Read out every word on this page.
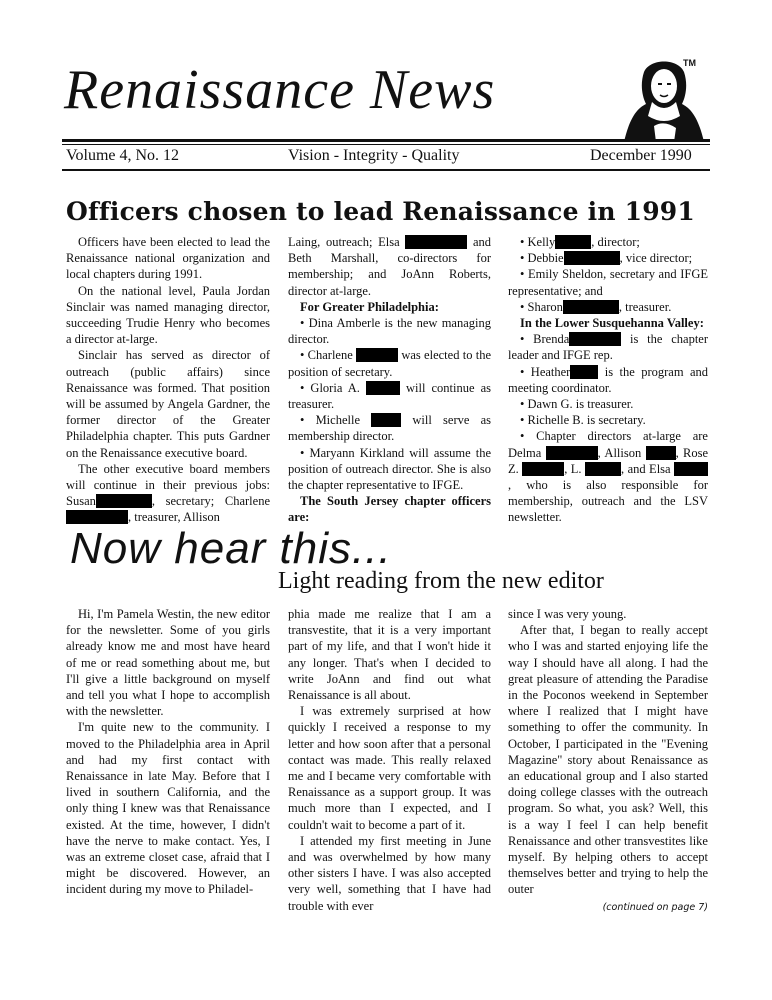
Renaissance News	TM
Volume 4, No. 12	Vision - Integrity - Quality	December 1990
Officers chosen to lead Renaissance in 1991

Officers have been elected to lead the Renaissance national organization and local chapters during 1991.

On the national level, Paula Jordan Sinclair was named managing director, succeeding Trudie Henry who becomes a director at-large.

Sinclair has served as director of outreach (public affairs) since Renaissance was formed. That position will be assumed by Angela Gardner, the former director of the Greater Philadelphia chapter. This puts Gardner on the Renaissance executive board.

The other executive board members will continue in their previous jobs: Susan	, secretary; Charlene , treasurer, Allison

Laing, outreach; Elsa	and Beth Marshall, co-directors for membership; and JoAnn Roberts, director at-large.

For Greater Philadelphia:

• Dina Amberle is the new managing director.

• Charlene	was elected to the position of secretary.

• Gloria A.	will continue as treasurer.

• Michelle	will serve as membership director.

• Maryann Kirkland will assume the position of outreach director. She is also the chapter representative to IFGE.

The South Jersey chapter officers are:

• Kelly	, director;

• Debbie	, vice director;

• Emily Sheldon, secretary and IFGE representative; and

• Sharon	, treasurer.

In the Lower Susquehanna Valley:

• Brenda	is the chapter leader and IFGE rep.

• Heather	is the program and meeting coordinator.

• Dawn G. is treasurer.

• Richelle B. is secretary.

• Chapter directors at-large are Delma	, Allison	, Rose Z.	, L.	, and Elsa , who is also responsible for membership, outreach and the LSV newsletter.

Now hear this...
Light reading from the new editor

Hi, I'm Pamela Westin, the new editor for the newsletter. Some of you girls already know me and most have heard of me or read something about me, but I'll give a little background on myself and tell you what I hope to accomplish with the newsletter.

I'm quite new to the community. I moved to the Philadelphia area in April and had my first contact with Renaissance in late May. Before that I lived in southern California, and the only thing I knew was that Renaissance existed. At the time, however, I didn't have the nerve to make contact. Yes, I was an extreme closet case, afraid that I might be discovered. However, an incident during my move to Philadel-

phia made me realize that I am a transvestite, that it is a very important part of my life, and that I won't hide it any longer. That's when I decided to write JoAnn and find out what Renaissance is all about.

I was extremely surprised at how quickly I received a response to my letter and how soon after that a personal contact was made. This really relaxed me and I became very comfortable with Renaissance as a support group. It was much more than I expected, and I couldn't wait to become a part of it.

I attended my first meeting in June and was overwhelmed by how many other sisters I have. I was also accepted very well, something that I have had trouble with ever

since I was very young.

After that, I began to really accept who I was and started enjoying life the way I should have all along. I had the great pleasure of attending the Paradise in the Poconos weekend in September where I realized that I might have something to offer the community. In October, I participated in the "Evening Magazine" story about Renaissance as an educational group and I also started doing college classes with the outreach program. So what, you ask? Well, this is a way I feel I can help benefit Renaissance and other transvestites like myself. By helping others to accept themselves better and trying to help the outer

(continued on page 7)
